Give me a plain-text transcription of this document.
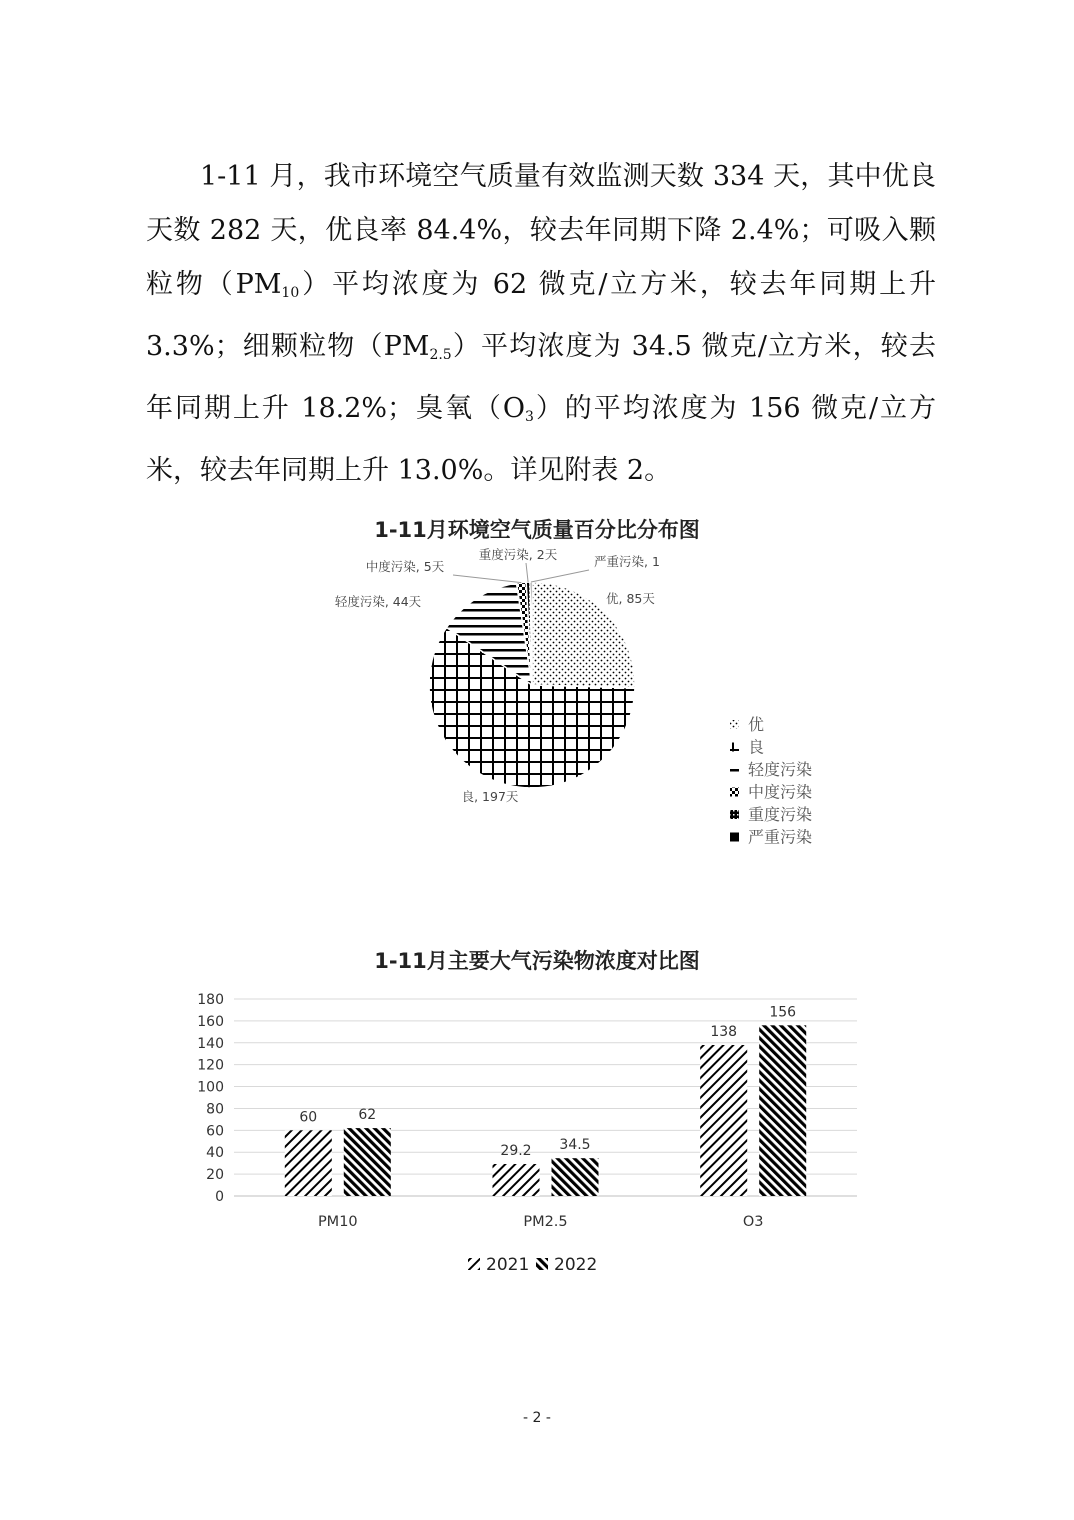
1-11 月，我市环境空气质量有效监测天数 334 天，其中优良天数 282 天，优良率 84.4%，较去年同期下降 2.4%；可吸入颗粒物$(PM_{10})$平均浓度为 62 微克/立方米，较去年同期上升 3.3%；细颗粒物$(PM_{2.5})$平均浓度为 34.5 微克/立方米，较去年同期上升 18.2%；臭氧$(O_3)$的平均浓度为 156 微克/立方米，较去年同期上升 13.0%。详见附表 2。

1-11月环境空气质量百分比分布图
优, 85天
良, 197天
轻度污染, 44天
中度污染, 5天
重度污染, 2天	严重污染, 1
优
良
轻度污染
中度污染
重度污染
严重污染
1-11月主要大气污染物浓度对比图
0
20
40
60
80
100
120
140
160
180
60	62
29.2 34.5
138
156
PM10	PM2.5	O3
2021 2022
- 2 -
